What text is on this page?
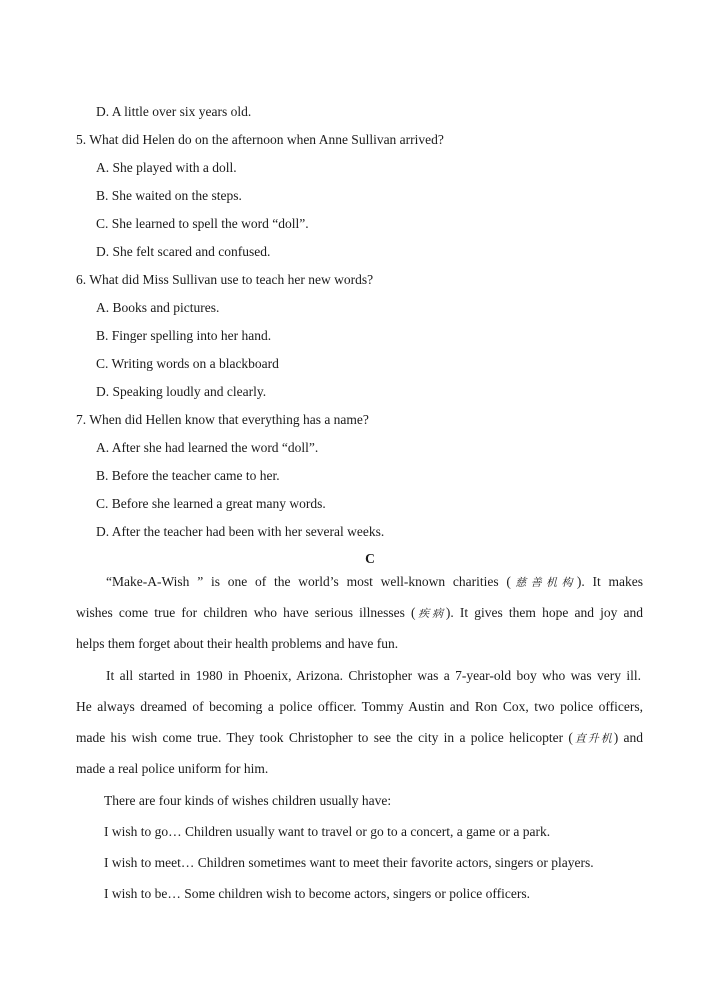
D. A little over six years old.
5. What did Helen do on the afternoon when Anne Sullivan arrived?
A. She played with a doll.
B. She waited on the steps.
C. She learned to spell the word “doll”.
D. She felt scared and confused.
6. What did Miss Sullivan use to teach her new words?
A. Books and pictures.
B. Finger spelling into her hand.
C. Writing words on a blackboard
D. Speaking loudly and clearly.
7. When did Hellen know that everything has a name?
A. After she had learned the word “doll”.
B. Before the teacher came to her.
C. Before she learned a great many words.
D. After the teacher had been with her several weeks.
C
“Make-A-Wish ” is one of the world’s most well-known charities (慈善机构). It makes
wishes come true for children who have serious illnesses (疾病). It gives them hope and joy and
helps them forget about their health problems and have fun.
It all started in 1980 in Phoenix, Arizona. Christopher was a 7-year-old boy who was very ill.
He always dreamed of becoming a police officer. Tommy Austin and Ron Cox, two police officers,
made his wish come true. They took Christopher to see the city in a police helicopter (直升机) and
made a real police uniform for him.
There are four kinds of wishes children usually have:
I wish to go… Children usually want to travel or go to a concert, a game or a park.
I wish to meet… Children sometimes want to meet their favorite actors, singers or players.
I wish to be… Some children wish to become actors, singers or police officers.
